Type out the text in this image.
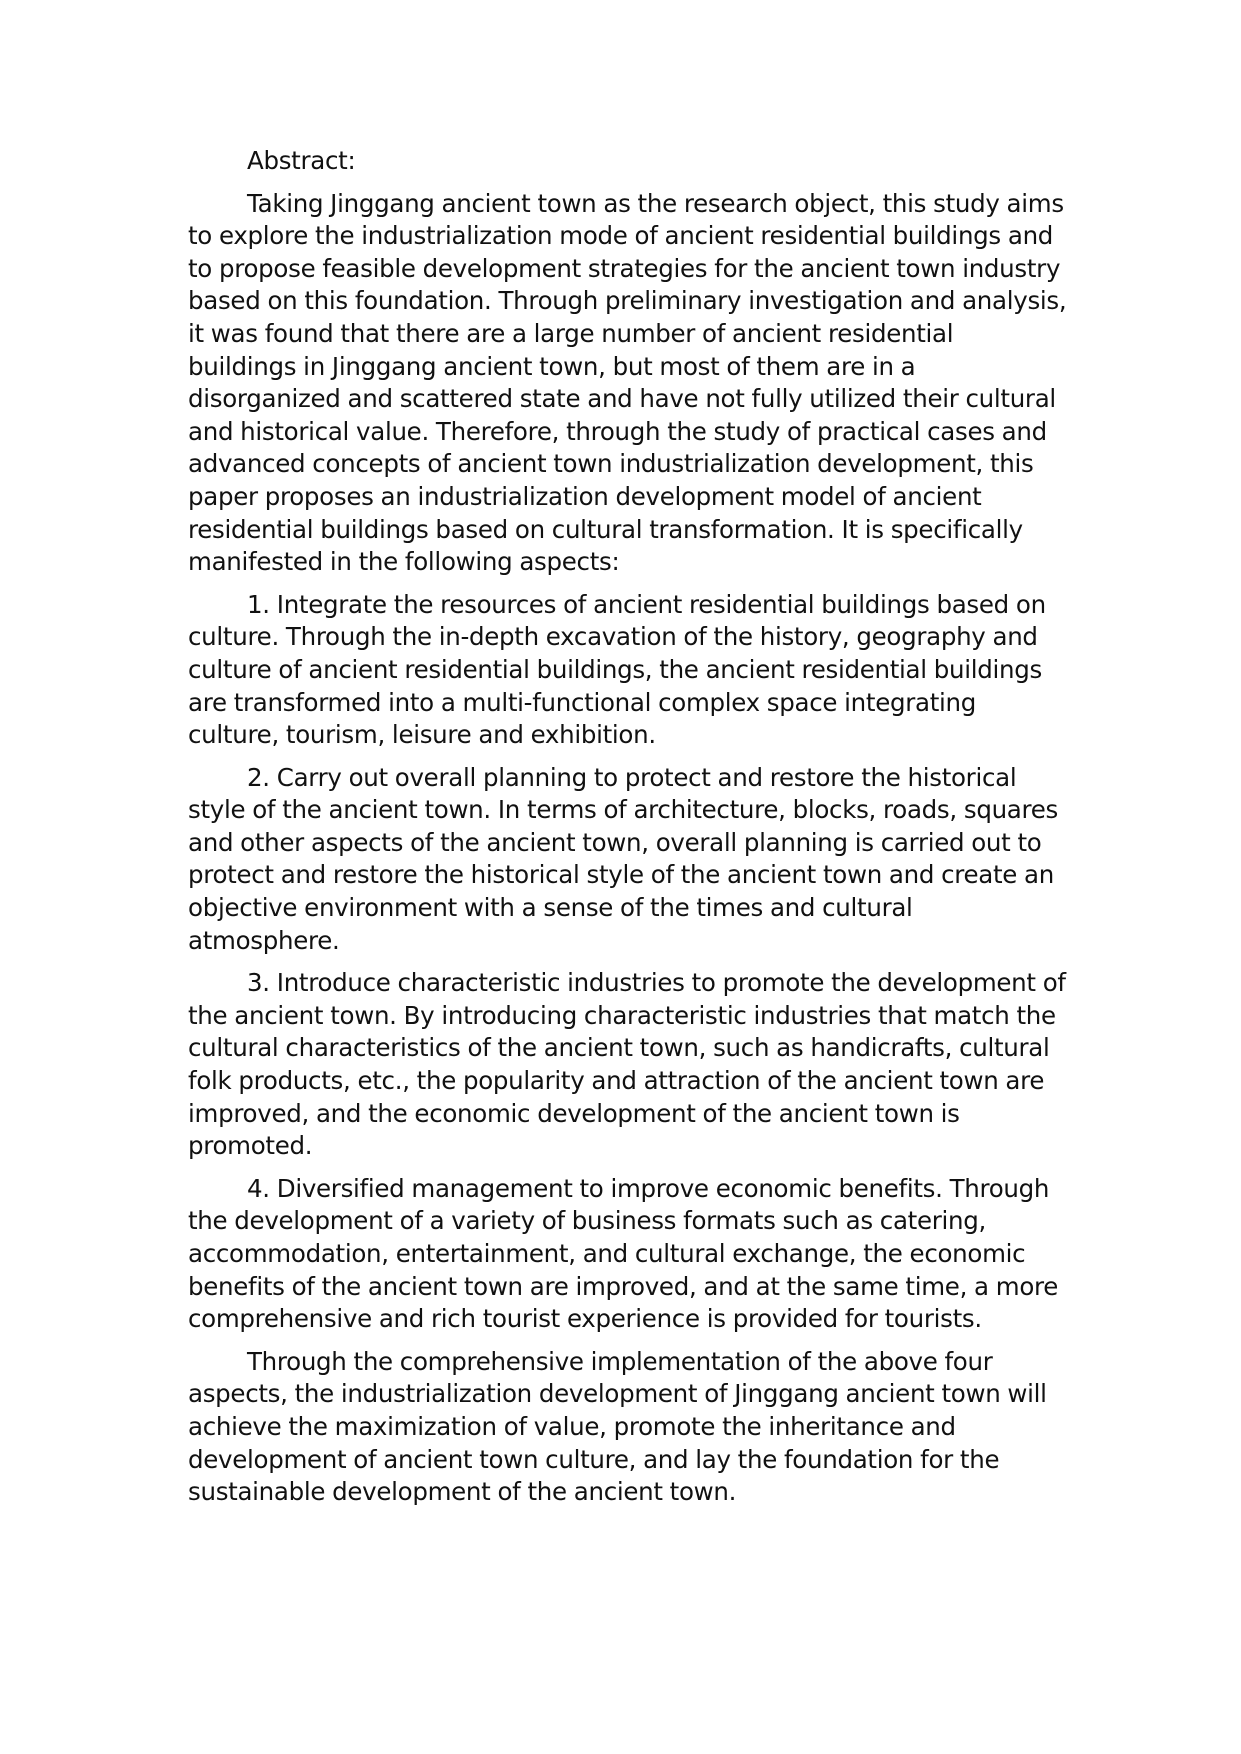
Abstract:

Taking Jinggang ancient town as the research object, this study aims to explore the industrialization mode of ancient residential buildings and to propose feasible development strategies for the ancient town industry based on this foundation. Through preliminary investigation and analysis, it was found that there are a large number of ancient residential buildings in Jinggang ancient town, but most of them are in a disorganized and scattered state and have not fully utilized their cultural and historical value. Therefore, through the study of practical cases and advanced concepts of ancient town industrialization development, this paper proposes an industrialization development model of ancient residential buildings based on cultural transformation. It is specifically manifested in the following aspects:

1. Integrate the resources of ancient residential buildings based on culture. Through the in-depth excavation of the history, geography and culture of ancient residential buildings, the ancient residential buildings are transformed into a multi-functional complex space integrating culture, tourism, leisure and exhibition.

2. Carry out overall planning to protect and restore the historical style of the ancient town. In terms of architecture, blocks, roads, squares and other aspects of the ancient town, overall planning is carried out to protect and restore the historical style of the ancient town and create an objective environment with a sense of the times and cultural atmosphere.

3. Introduce characteristic industries to promote the development of the ancient town. By introducing characteristic industries that match the cultural characteristics of the ancient town, such as handicrafts, cultural folk products, etc., the popularity and attraction of the ancient town are improved, and the economic development of the ancient town is promoted.

4. Diversified management to improve economic benefits. Through the development of a variety of business formats such as catering, accommodation, entertainment, and cultural exchange, the economic benefits of the ancient town are improved, and at the same time, a more comprehensive and rich tourist experience is provided for tourists.

Through the comprehensive implementation of the above four aspects, the industrialization development of Jinggang ancient town will achieve the maximization of value, promote the inheritance and development of ancient town culture, and lay the foundation for the sustainable development of the ancient town.
